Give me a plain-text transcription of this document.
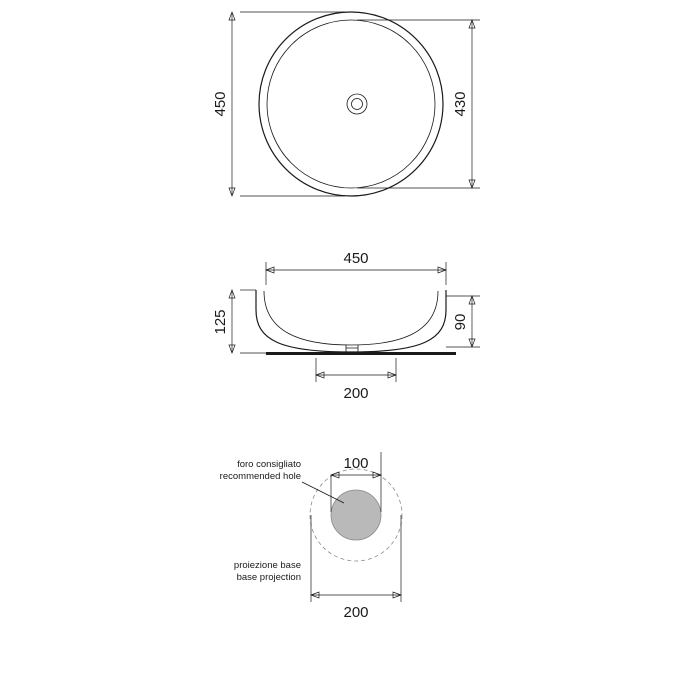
450	430
450
125	90
200
100
200
foro consigliato
recommended hole
proiezione base
base projection
